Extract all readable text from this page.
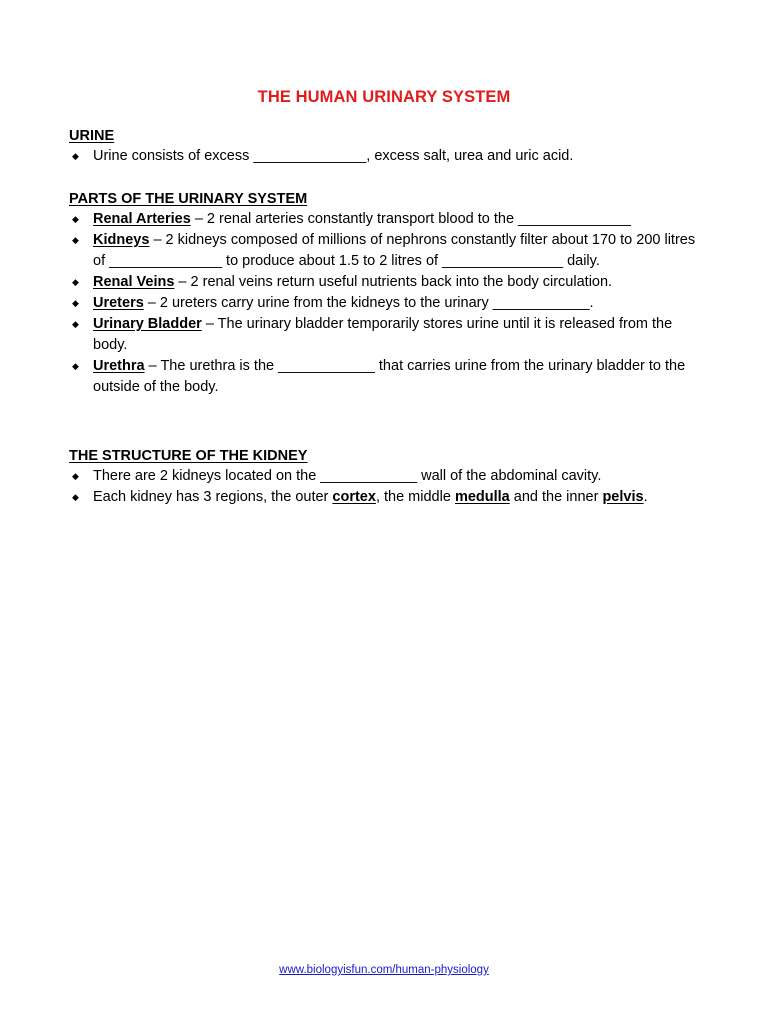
THE HUMAN URINARY SYSTEM
URINE
◆ Urine consists of excess ______________, excess salt, urea and uric acid.
PARTS OF THE URINARY SYSTEM
◆ Renal Arteries – 2 renal arteries constantly transport blood to the ______________
◆ Kidneys – 2 kidneys composed of millions of nephrons constantly filter about 170 to 200 litres of ______________ to produce about 1.5 to 2 litres of _______________ daily.
◆ Renal Veins – 2 renal veins return useful nutrients back into the body circulation.
◆ Ureters – 2 ureters carry urine from the kidneys to the urinary ____________.
◆ Urinary Bladder – The urinary bladder temporarily stores urine until it is released from the body.
◆ Urethra – The urethra is the ____________ that carries urine from the urinary bladder to the outside of the body.
THE STRUCTURE OF THE KIDNEY
◆ There are 2 kidneys located on the ____________ wall of the abdominal cavity.
◆ Each kidney has 3 regions, the outer cortex, the middle medulla and the inner pelvis.
www.biologyisfun.com/human-physiology
